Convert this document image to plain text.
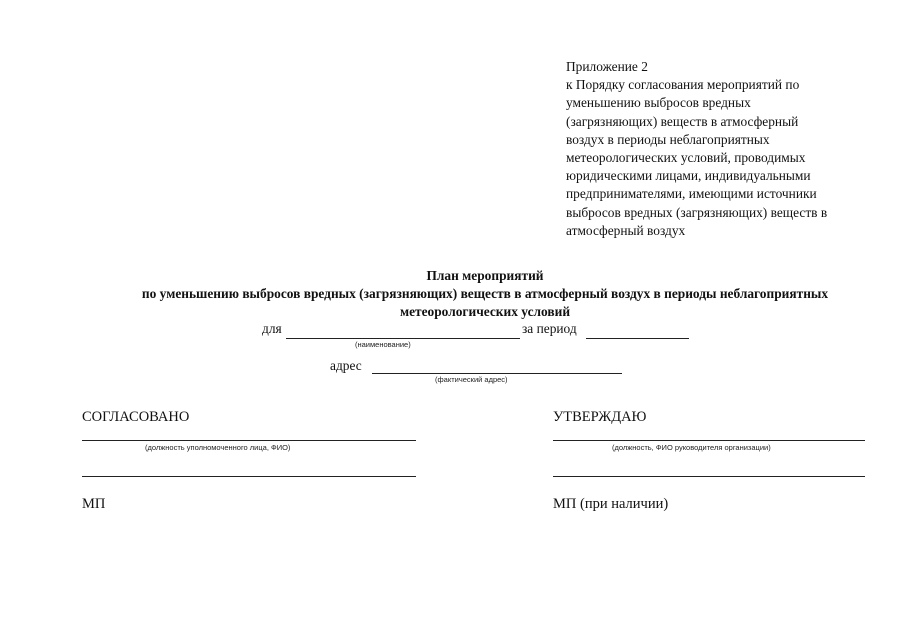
Приложение 2
к Порядку согласования мероприятий по
уменьшению выбросов вредных
(загрязняющих) веществ в атмосферный
воздух в периоды неблагоприятных
метеорологических условий, проводимых
юридическими лицами, индивидуальными
предпринимателями, имеющими источники
выбросов вредных (загрязняющих) веществ в
атмосферный воздух
План мероприятий
по уменьшению выбросов вредных (загрязняющих) веществ в атмосферный воздух в периоды неблагоприятных
метеорологических условий
для
(наименование)
за период
адрес
(фактический адрес)
СОГЛАСОВАНО
(должность уполномоченного лица, ФИО)
МП
УТВЕРЖДАЮ
(должность, ФИО руководителя организации)
МП (при наличии)
